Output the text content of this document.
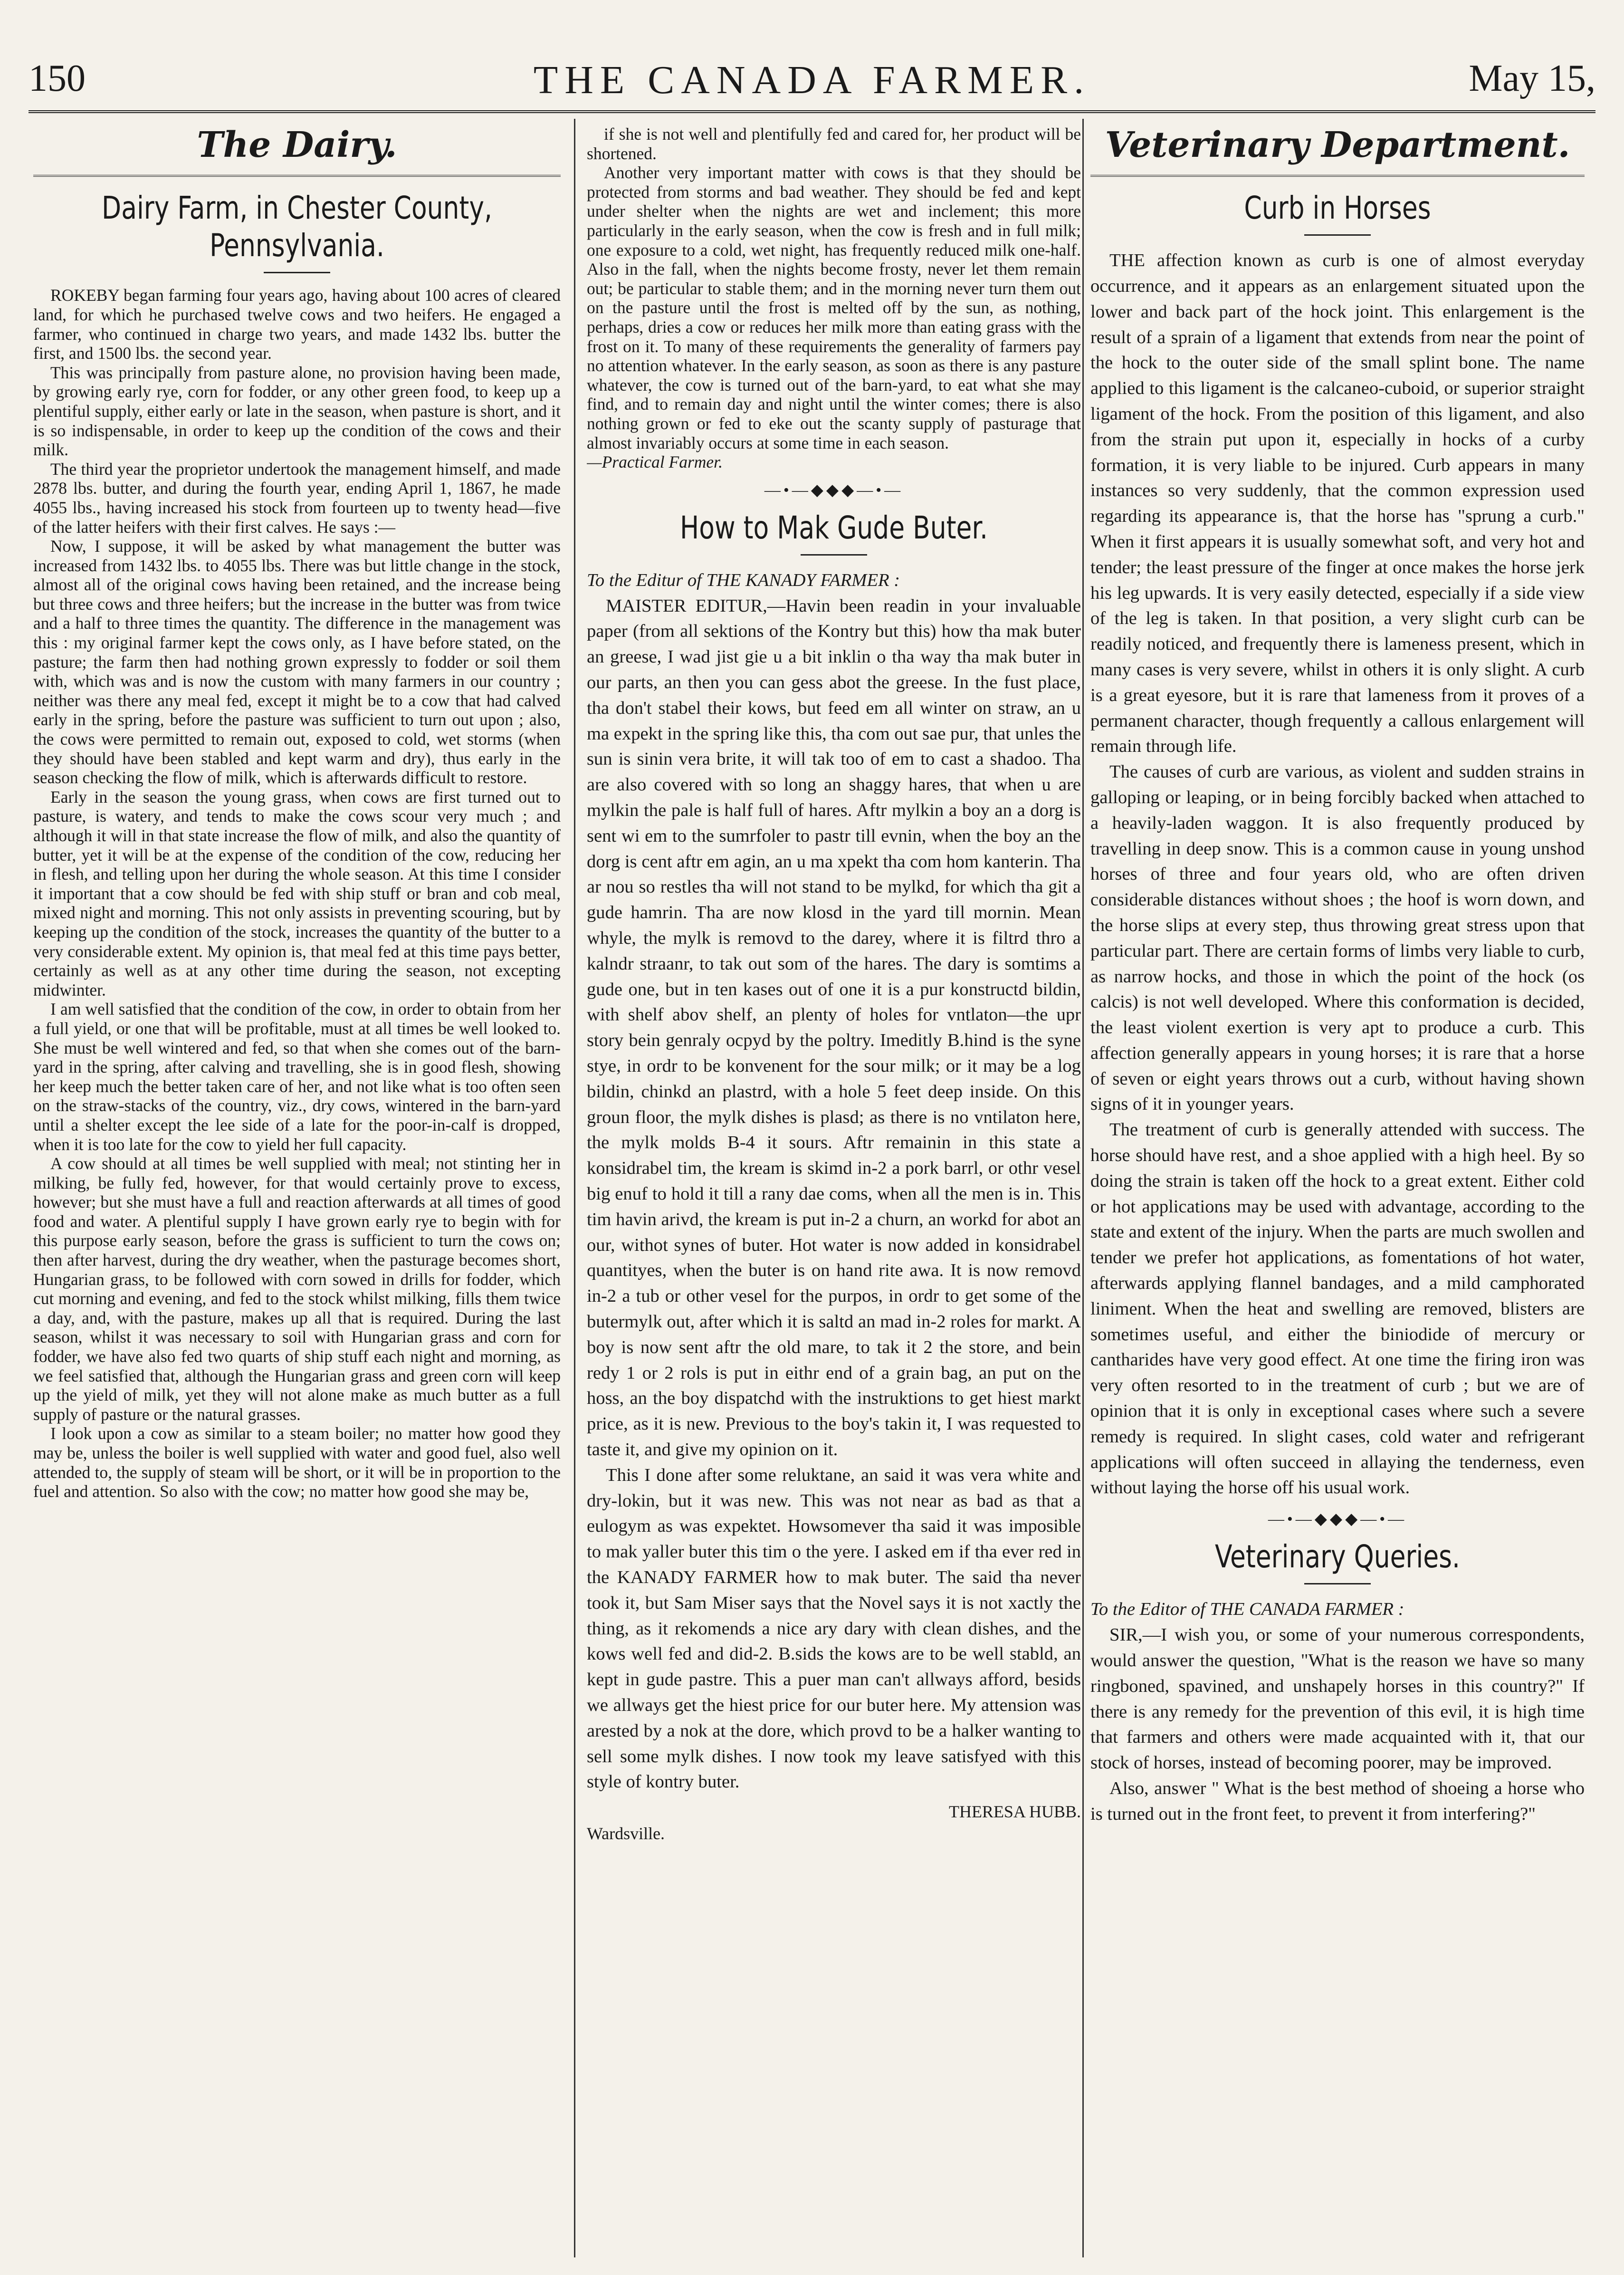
150	THE CANADA FARMER.	May 15,
The Dairy.
Dairy Farm, in Chester County, Pennsylvania.

ROKEBY began farming four years ago, having about 100 acres of cleared land, for which he purchased twelve cows and two heifers. He engaged a farmer, who continued in charge two years, and made 1432 lbs. butter the first, and 1500 lbs. the second year.

This was principally from pasture alone, no provision having been made, by growing early rye, corn for fodder, or any other green food, to keep up a plentiful supply, either early or late in the season, when pasture is short, and it is so indispensable, in order to keep up the condition of the cows and their milk.

The third year the proprietor undertook the management himself, and made 2878 lbs. butter, and during the fourth year, ending April 1, 1867, he made 4055 lbs., having increased his stock from fourteen up to twenty head—five of the latter heifers with their first calves. He says :—

Now, I suppose, it will be asked by what management the butter was increased from 1432 lbs. to 4055 lbs. There was but little change in the stock, almost all of the original cows having been retained, and the increase being but three cows and three heifers; but the increase in the butter was from twice and a half to three times the quantity. The difference in the management was this : my original farmer kept the cows only, as I have before stated, on the pasture; the farm then had nothing grown expressly to fodder or soil them with, which was and is now the custom with many farmers in our country ; neither was there any meal fed, except it might be to a cow that had calved early in the spring, before the pasture was sufficient to turn out upon ; also, the cows were permitted to remain out, exposed to cold, wet storms (when they should have been stabled and kept warm and dry), thus early in the season checking the flow of milk, which is afterwards difficult to restore.

Early in the season the young grass, when cows are first turned out to pasture, is watery, and tends to make the cows scour very much ; and although it will in that state increase the flow of milk, and also the quantity of butter, yet it will be at the expense of the condition of the cow, reducing her in flesh, and telling upon her during the whole season. At this time I consider it important that a cow should be fed with ship stuff or bran and cob meal, mixed night and morning. This not only assists in preventing scouring, but by keeping up the condition of the stock, increases the quantity of the butter to a very considerable extent. My opinion is, that meal fed at this time pays better, certainly as well as at any other time during the season, not excepting midwinter.

I am well satisfied that the condition of the cow, in order to obtain from her a full yield, or one that will be profitable, must at all times be well looked to. She must be well wintered and fed, so that when she comes out of the barn-yard in the spring, after calving and travelling, she is in good flesh, showing her keep much the better taken care of her, and not like what is too often seen on the straw-stacks of the country, viz., dry cows, wintered in the barn-yard until a shelter except the lee side of a late for the poor-in-calf is dropped, when it is too late for the cow to yield her full capacity.

A cow should at all times be well supplied with meal; not stinting her in milking, be fully fed, however, for that would certainly prove to excess, however; but she must have a full and reaction afterwards at all times of good food and water. A plentiful supply I have grown early rye to begin with for this purpose early season, before the grass is sufficient to turn the cows on; then after harvest, during the dry weather, when the pasturage becomes short, Hungarian grass, to be followed with corn sowed in drills for fodder, which cut morning and evening, and fed to the stock whilst milking, fills them twice a day, and, with the pasture, makes up all that is required. During the last season, whilst it was necessary to soil with Hungarian grass and corn for fodder, we have also fed two quarts of ship stuff each night and morning, as we feel satisfied that, although the Hungarian grass and green corn will keep up the yield of milk, yet they will not alone make as much butter as a full supply of pasture or the natural grasses.

I look upon a cow as similar to a steam boiler; no matter how good they may be, unless the boiler is well supplied with water and good fuel, also well attended to, the supply of steam will be short, or it will be in proportion to the fuel and attention. So also with the cow; no matter how good she may be,

if she is not well and plentifully fed and cared for, her product will be shortened.

Another very important matter with cows is that they should be protected from storms and bad weather. They should be fed and kept under shelter when the nights are wet and inclement; this more particularly in the early season, when the cow is fresh and in full milk; one exposure to a cold, wet night, has frequently reduced milk one-half. Also in the fall, when the nights become frosty, never let them remain out; be particular to stable them; and in the morning never turn them out on the pasture until the frost is melted off by the sun, as nothing, perhaps, dries a cow or reduces her milk more than eating grass with the frost on it. To many of these requirements the generality of farmers pay no attention whatever. In the early season, as soon as there is any pasture whatever, the cow is turned out of the barn-yard, to eat what she may find, and to remain day and night until the winter comes; there is also nothing grown or fed to eke out the scanty supply of pasturage that almost invariably occurs at some time in each season.

—Practical Farmer.

—•—◆◆◆—•—
How to Mak Gude Buter.

To the Editur of THE KANADY FARMER :

MAISTER EDITUR,—Havin been readin in your invaluable paper (from all sektions of the Kontry but this) how tha mak buter an greese, I wad jist gie u a bit inklin o tha way tha mak buter in our parts, an then you can gess abot the greese. In the fust place, tha don't stabel their kows, but feed em all winter on straw, an u ma expekt in the spring like this, tha com out sae pur, that unles the sun is sinin vera brite, it will tak too of em to cast a shadoo. Tha are also covered with so long an shaggy hares, that when u are mylkin the pale is half full of hares. Aftr mylkin a boy an a dorg is sent wi em to the sumrfoler to pastr till evnin, when the boy an the dorg is cent aftr em agin, an u ma xpekt tha com hom kanterin. Tha ar nou so restles tha will not stand to be mylkd, for which tha git a gude hamrin. Tha are now klosd in the yard till mornin. Mean whyle, the mylk is removd to the darey, where it is filtrd thro a kalndr straanr, to tak out som of the hares. The dary is somtims a gude one, but in ten kases out of one it is a pur konstructd bildin, with shelf abov shelf, an plenty of holes for vntlaton—the upr story bein genraly ocpyd by the poltry. Imeditly B.hind is the syne stye, in ordr to be konvenent for the sour milk; or it may be a log bildin, chinkd an plastrd, with a hole 5 feet deep inside. On this groun floor, the mylk dishes is plasd; as there is no vntilaton here, the mylk molds B-4 it sours. Aftr remainin in this state a konsidrabel tim, the kream is skimd in-2 a pork barrl, or othr vesel big enuf to hold it till a rany dae coms, when all the men is in. This tim havin arivd, the kream is put in-2 a churn, an workd for abot an our, withot synes of buter. Hot water is now added in konsidrabel quantityes, when the buter is on hand rite awa. It is now removd in-2 a tub or other vesel for the purpos, in ordr to get some of the butermylk out, after which it is saltd an mad in-2 roles for markt. A boy is now sent aftr the old mare, to tak it 2 the store, and bein redy 1 or 2 rols is put in eithr end of a grain bag, an put on the hoss, an the boy dispatchd with the instruktions to get hiest markt price, as it is new. Previous to the boy's takin it, I was requested to taste it, and give my opinion on it.

This I done after some reluktane, an said it was vera white and dry-lokin, but it was new. This was not near as bad as that a eulogym as was expektet. Howsomever tha said it was imposible to mak yaller buter this tim o the yere. I asked em if tha ever red in the KANADY FARMER how to mak buter. The said tha never took it, but Sam Miser says that the Novel says it is not xactly the thing, as it rekomends a nice ary dary with clean dishes, and the kows well fed and did-2. B.sids the kows are to be well stabld, an kept in gude pastre. This a puer man can't allways afford, besids we allways get the hiest price for our buter here. My attension was arested by a nok at the dore, which provd to be a halker wanting to sell some mylk dishes. I now took my leave satisfyed with this style of kontry buter.

THERESA HUBB.
Wardsville.
Veterinary Department.
Curb in Horses

THE affection known as curb is one of almost everyday occurrence, and it appears as an enlargement situated upon the lower and back part of the hock joint. This enlargement is the result of a sprain of a ligament that extends from near the point of the hock to the outer side of the small splint bone. The name applied to this ligament is the calcaneo-cuboid, or superior straight ligament of the hock. From the position of this ligament, and also from the strain put upon it, especially in hocks of a curby formation, it is very liable to be injured. Curb appears in many instances so very suddenly, that the common expression used regarding its appearance is, that the horse has "sprung a curb." When it first appears it is usually somewhat soft, and very hot and tender; the least pressure of the finger at once makes the horse jerk his leg upwards. It is very easily detected, especially if a side view of the leg is taken. In that position, a very slight curb can be readily noticed, and frequently there is lameness present, which in many cases is very severe, whilst in others it is only slight. A curb is a great eyesore, but it is rare that lameness from it proves of a permanent character, though frequently a callous enlargement will remain through life.

The causes of curb are various, as violent and sudden strains in galloping or leaping, or in being forcibly backed when attached to a heavily-laden waggon. It is also frequently produced by travelling in deep snow. This is a common cause in young unshod horses of three and four years old, who are often driven considerable distances without shoes ; the hoof is worn down, and the horse slips at every step, thus throwing great stress upon that particular part. There are certain forms of limbs very liable to curb, as narrow hocks, and those in which the point of the hock (os calcis) is not well developed. Where this conformation is decided, the least violent exertion is very apt to produce a curb. This affection generally appears in young horses; it is rare that a horse of seven or eight years throws out a curb, without having shown signs of it in younger years.

The treatment of curb is generally attended with success. The horse should have rest, and a shoe applied with a high heel. By so doing the strain is taken off the hock to a great extent. Either cold or hot applications may be used with advantage, according to the state and extent of the injury. When the parts are much swollen and tender we prefer hot applications, as fomentations of hot water, afterwards applying flannel bandages, and a mild camphorated liniment. When the heat and swelling are removed, blisters are sometimes useful, and either the biniodide of mercury or cantharides have very good effect. At one time the firing iron was very often resorted to in the treatment of curb ; but we are of opinion that it is only in exceptional cases where such a severe remedy is required. In slight cases, cold water and refrigerant applications will often succeed in allaying the tenderness, even without laying the horse off his usual work.

—•—◆◆◆—•—
Veterinary Queries.

To the Editor of THE CANADA FARMER :

SIR,—I wish you, or some of your numerous correspondents, would answer the question, "What is the reason we have so many ringboned, spavined, and unshapely horses in this country?" If there is any remedy for the prevention of this evil, it is high time that farmers and others were made acquainted with it, that our stock of horses, instead of becoming poorer, may be improved.

Also, answer " What is the best method of shoeing a horse who is turned out in the front feet, to prevent it from interfering?"
